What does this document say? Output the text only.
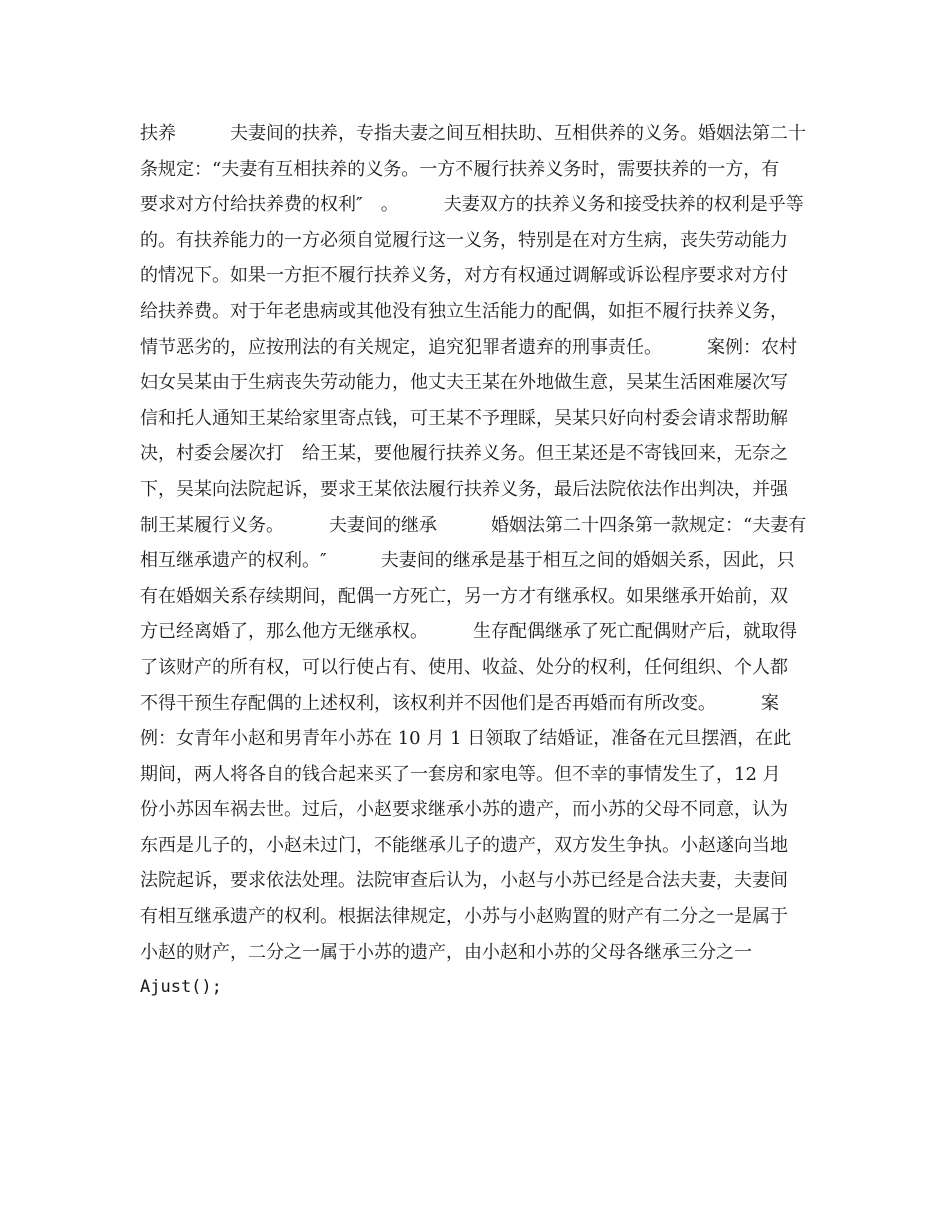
扶养　　　夫妻间的扶养，专指夫妻之间互相扶助、互相供养的义务。婚姻法第二十
条规定：“夫妻有互相扶养的义务。一方不履行扶养义务时，需要扶养的一方，有
要求对方付给扶养费的权利″　。　　　夫妻双方的扶养义务和接受扶养的权利是乎等
的。有扶养能力的一方必须自觉履行这一义务，特别是在对方生病，丧失劳动能力
的情况下。如果一方拒不履行扶养义务，对方有权通过调解或诉讼程序要求对方付
给扶养费。对于年老患病或其他没有独立生活能力的配偶，如拒不履行扶养义务，
情节恶劣的，应按刑法的有关规定，追究犯罪者遗弃的刑事责任。　　　案例：农村
妇女吴某由于生病丧失劳动能力，他丈夫王某在外地做生意，吴某生活困难屡次写
信和托人通知王某给家里寄点钱，可王某不予理睬，吴某只好向村委会请求帮助解
决，村委会屡次打　给王某，要他履行扶养义务。但王某还是不寄钱回来，无奈之
下，吴某向法院起诉，要求王某依法履行扶养义务，最后法院依法作出判决，并强
制王某履行义务。　　　夫妻间的继承　　　婚姻法第二十四条第一款规定：“夫妻有
相互继承遗产的权利。″　　　夫妻间的继承是基于相互之间的婚姻关系，因此，只
有在婚姻关系存续期间，配偶一方死亡，另一方才有继承权。如果继承开始前，双
方已经离婚了，那么他方无继承权。　　　生存配偶继承了死亡配偶财产后，就取得
了该财产的所有权，可以行使占有、使用、收益、处分的权利，任何组织、个人都
不得干预生存配偶的上述权利，该权利并不因他们是否再婚而有所改变。　　　案
例：女青年小赵和男青年小苏在 10 月 1 日领取了结婚证，准备在元旦摆酒，在此
期间，两人将各自的钱合起来买了一套房和家电等。但不幸的事情发生了，12 月
份小苏因车祸去世。过后，小赵要求继承小苏的遗产，而小苏的父母不同意，认为
东西是儿子的，小赵未过门，不能继承儿子的遗产，双方发生争执。小赵遂向当地
法院起诉，要求依法处理。法院审查后认为，小赵与小苏已经是合法夫妻，夫妻间
有相互继承遗产的权利。根据法律规定，小苏与小赵购置的财产有二分之一是属于
小赵的财产，二分之一属于小苏的遗产，由小赵和小苏的父母各继承三分之一
Ajust();
